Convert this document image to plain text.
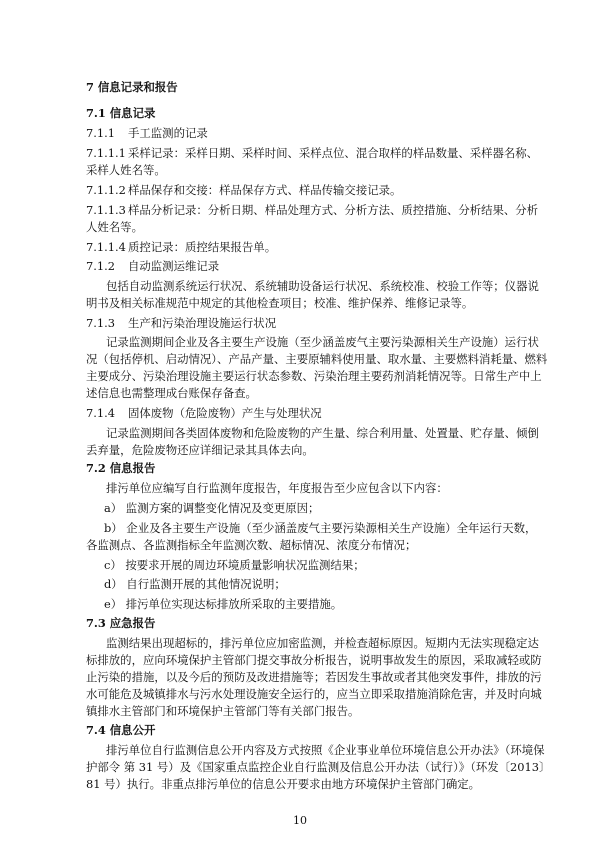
7 信息记录和报告
7.1 信息记录
7.1.1 手工监测的记录
7.1.1.1 采样记录：采样日期、采样时间、采样点位、混合取样的样品数量、采样器名称、
采样人姓名等。
7.1.1.2 样品保存和交接：样品保存方式、样品传输交接记录。
7.1.1.3 样品分析记录：分析日期、样品处理方式、分析方法、质控措施、分析结果、分析
人姓名等。
7.1.1.4 质控记录：质控结果报告单。
7.1.2 自动监测运维记录
包括自动监测系统运行状况、系统辅助设备运行状况、系统校准、校验工作等；仪器说
明书及相关标准规范中规定的其他检查项目；校准、维护保养、维修记录等。
7.1.3 生产和污染治理设施运行状况
记录监测期间企业及各主要生产设施（至少涵盖废气主要污染源相关生产设施）运行状
况（包括停机、启动情况）、产品产量、主要原辅料使用量、取水量、主要燃料消耗量、燃料
主要成分、污染治理设施主要运行状态参数、污染治理主要药剂消耗情况等。日常生产中上
述信息也需整理成台账保存备查。
7.1.4 固体废物（危险废物）产生与处理状况
记录监测期间各类固体废物和危险废物的产生量、综合利用量、处置量、贮存量、倾倒
丢弃量，危险废物还应详细记录其具体去向。
7.2 信息报告
排污单位应编写自行监测年度报告，年度报告至少应包含以下内容：
a） 监测方案的调整变化情况及变更原因；
b） 企业及各主要生产设施（至少涵盖废气主要污染源相关生产设施）全年运行天数，
各监测点、各监测指标全年监测次数、超标情况、浓度分布情况；
c） 按要求开展的周边环境质量影响状况监测结果；
d） 自行监测开展的其他情况说明；
e） 排污单位实现达标排放所采取的主要措施。
7.3 应急报告
监测结果出现超标的，排污单位应加密监测，并检查超标原因。短期内无法实现稳定达
标排放的，应向环境保护主管部门提交事故分析报告，说明事故发生的原因，采取减轻或防
止污染的措施，以及今后的预防及改进措施等；若因发生事故或者其他突发事件，排放的污
水可能危及城镇排水与污水处理设施安全运行的，应当立即采取措施消除危害，并及时向城
镇排水主管部门和环境保护主管部门等有关部门报告。
7.4 信息公开
排污单位自行监测信息公开内容及方式按照《企业事业单位环境信息公开办法》（环境保
护部令 第 31 号）及《国家重点监控企业自行监测及信息公开办法（试行）》（环发〔2013〕
81 号）执行。非重点排污单位的信息公开要求由地方环境保护主管部门确定。
10
